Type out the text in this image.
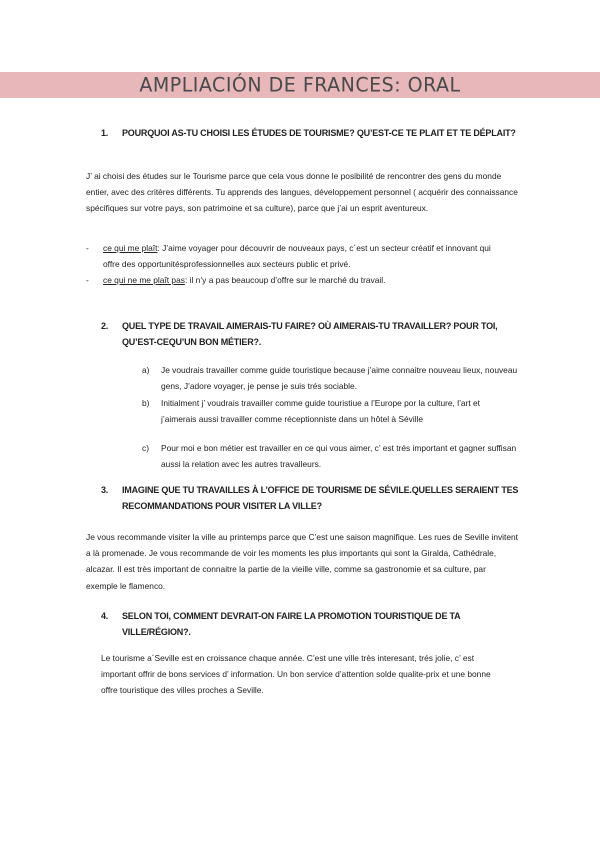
AMPLIACIÓN DE FRANCES: ORAL
1.	POURQUOI AS-TU CHOISI LES ÉTUDES DE TOURISME? QU’EST-CE TE PLAIT ET TE DÉPLAIT?
J’ ai choisi des études sur le Tourisme parce que cela vous donne le posibilité de rencontrer des gens du monde entier, avec des critères différents. Tu apprends des langues, développement personnel ( acquérir des connaissance spécifiques sur votre pays, son patrimoine et sa culture), parce que j’ai un esprit aventureux.
-	ce qui me plaît: J’aime voyager pour découvrir de nouveaux pays, c´est un secteur créatif et innovant qui offre des opportunitésprofessionnelles aux secteurs public et privé.
-	ce qui ne me plaît pas: il n’y a pas beaucoup d’offre sur le marché du travail.
2.	QUEL TYPE DE TRAVAIL AIMERAIS-TU FAIRE? OÙ AIMERAIS-TU TRAVAILLER? POUR TOI, QU’EST-CEQU’UN BON MÉTIER?.
a)	Je voudrais travailler comme guide touristique because j’aime connaitre nouveau lieux, nouveau gens, J’adore voyager, je pense je suis trés sociable.
b)	Initialment j’ voudrais travailler comme guide touristiue a l’Europe por la culture, l’art et j’aimerais aussi travailler comme réceptionniste dans un hôtel à Séville
c)	Pour moi e bon métier est travailler en ce qui vous aimer, c’ est trés important et gagner suffisan aussi la relation avec les autres travalleurs.
3.	IMAGINE QUE TU TRAVAILLES À L’OFFICE DE TOURISME DE SÉVILE.QUELLES SERAIENT TES RECOMMANDATIONS POUR VISITER LA VILLE?
Je vous recommande visiter la ville au printemps parce que C’est une saison magnifique. Les rues de Seville invitent a là promenade. Je vous recommande de voir les moments les plus importants qui sont la Giralda, Cathédrale, alcazar. Il est très important de connaitre la partie de la vieille ville, comme sa gastronomie et sa culture, par exemple le flamenco.
4.	SELON TOI, COMMENT DEVRAIT-ON FAIRE LA PROMOTION TOURISTIQUE DE TA VILLE/RÉGION?.
Le tourisme a´Seville est en croissance chaque année. C’est une ville très interesant, trés jolie, c’ est important offrir de bons services d’ information. Un bon service d’attention solde qualite-prix et une bonne offre touristique des villes proches a Seville.
